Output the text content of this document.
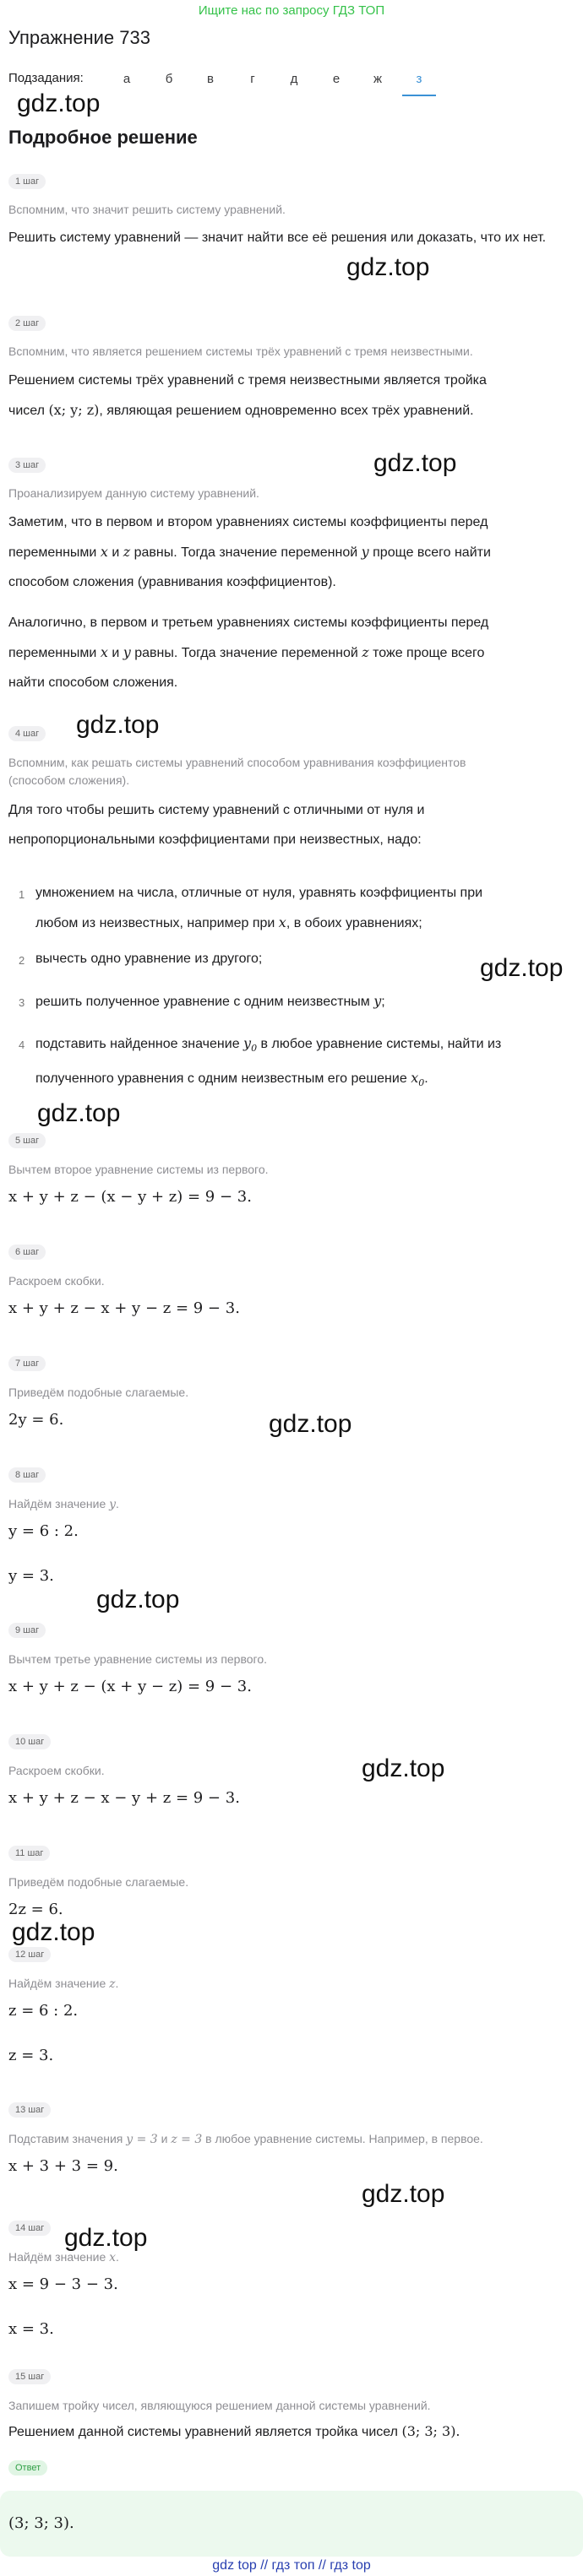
Ищите нас по запросу ГДЗ ТОП
Упражнение 733
Подзадания:	а	б	в	г	д	е	ж	з
gdz.top
gdz.top
gdz.top
gdz.top
gdz.top
gdz.top
gdz.top
gdz.top
gdz.top
gdz.top
gdz.top
gdz.top
Подробное решение
1 шаг
Вспомним, что значит решить систему уравнений.
Решить систему уравнений — значит найти все её решения или доказать, что их нет.
2 шаг
Вспомним, что является решением системы трёх уравнений с тремя неизвестными.
Решением системы трёх уравнений с тремя неизвестными является тройка
чисел (x; y; z), являющая решением одновременно всех трёх уравнений.
3 шаг
Проанализируем данную систему уравнений.
Заметим, что в первом и втором уравнениях системы коэффициенты перед
переменными x и z равны. Тогда значение переменной y проще всего найти
способом сложения (уравнивания коэффициентов).
Аналогично, в первом и третьем уравнениях системы коэффициенты перед
переменными x и y равны. Тогда значение переменной z тоже проще всего
найти способом сложения.
4 шаг
Вспомним, как решать системы уравнений способом уравнивания коэффициентов
(способом сложения).
Для того чтобы решить систему уравнений с отличными от нуля и
непропорциональными коэффициентами при неизвестных, надо:
1 умножением на числа, отличные от нуля, уравнять коэффициенты при
любом из неизвестных, например при x, в обоих уравнениях;
2 вычесть одно уравнение из другого;
3 решить полученное уравнение с одним неизвестным y;
4 подставить найденное значение $y_0$ в любое уравнение системы, найти из
полученного уравнения с одним неизвестным его решение $x_0$.
5 шаг
Вычтем второе уравнение системы из первого.
x + y + z − (x − y + z) = 9 − 3.
6 шаг
Раскроем скобки.
x + y + z − x + y − z = 9 − 3.
7 шаг
Приведём подобные слагаемые.
2y = 6.
8 шаг
Найдём значение y.
y = 6 : 2.
y = 3.
9 шаг
Вычтем третье уравнение системы из первого.
x + y + z − (x + y − z) = 9 − 3.
10 шаг
Раскроем скобки.
x + y + z − x − y + z = 9 − 3.
11 шаг
Приведём подобные слагаемые.
2z = 6.
12 шаг
Найдём значение z.
z = 6 : 2.
z = 3.
13 шаг
Подставим значения y = 3 и z = 3 в любое уравнение системы. Например, в первое.
x + 3 + 3 = 9.
14 шаг
Найдём значение x.
x = 9 − 3 − 3.
x = 3.
15 шаг
Запишем тройку чисел, являющуюся решением данной системы уравнений.
Решением данной системы уравнений является тройка чисел (3; 3; 3).
Ответ
(3; 3; 3).
gdz top // гдз топ // гдз top
